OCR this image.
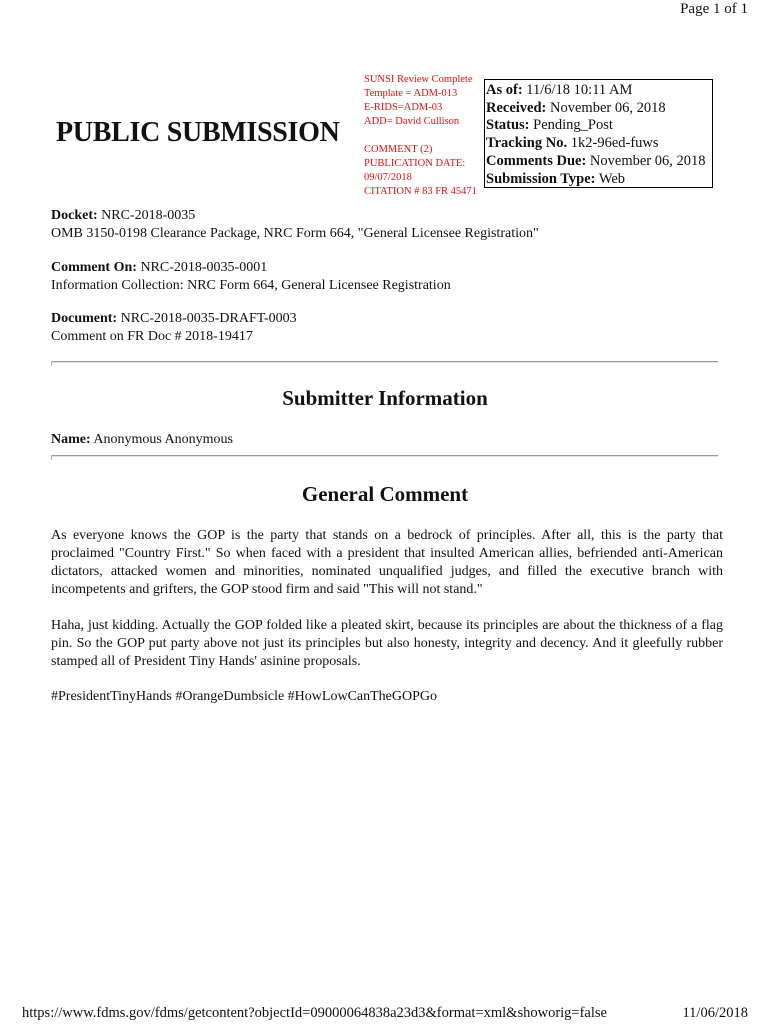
Page 1 of 1
PUBLIC SUBMISSION
SUNSI Review Complete
Template = ADM-013
E-RIDS=ADM-03
ADD= David Cullison
COMMENT (2)
PUBLICATION DATE:
09/07/2018
CITATION # 83 FR 45471
As of: 11/6/18 10:11 AM
Received: November 06, 2018
Status: Pending_Post
Tracking No. 1k2-96ed-fuws
Comments Due: November 06, 2018
Submission Type: Web
Docket: NRC-2018-0035
OMB 3150-0198 Clearance Package, NRC Form 664, "General Licensee Registration"
Comment On: NRC-2018-0035-0001
Information Collection: NRC Form 664, General Licensee Registration
Document: NRC-2018-0035-DRAFT-0003
Comment on FR Doc # 2018-19417
Submitter Information
Name: Anonymous Anonymous
General Comment
As everyone knows the GOP is the party that stands on a bedrock of principles. After all, this is the party that proclaimed "Country First." So when faced with a president that insulted American allies, befriended anti-American dictators, attacked women and minorities, nominated unqualified judges, and filled the executive branch with incompetents and grifters, the GOP stood firm and said "This will not stand."
Haha, just kidding. Actually the GOP folded like a pleated skirt, because its principles are about the thickness of a flag pin. So the GOP put party above not just its principles but also honesty, integrity and decency. And it gleefully rubber stamped all of President Tiny Hands' asinine proposals.
#PresidentTinyHands #OrangeDumbsicle #HowLowCanTheGOPGo
https://www.fdms.gov/fdms/getcontent?objectId=09000064838a23d3&format=xml&showorig=false	11/06/2018
